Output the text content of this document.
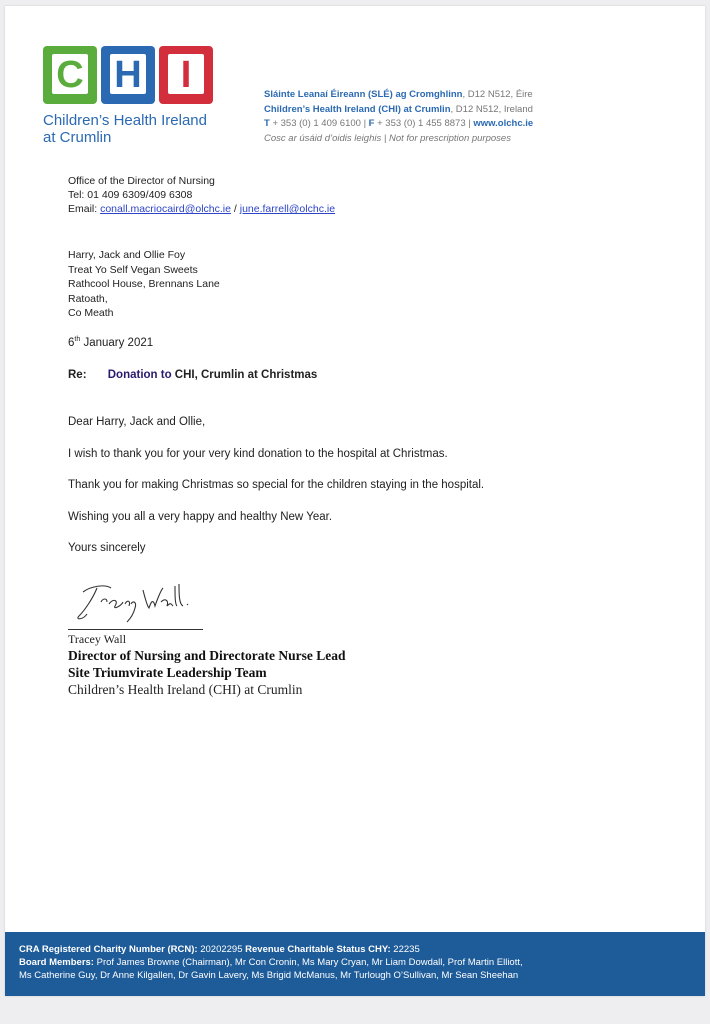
C H	I
Children’s Health Ireland
at Crumlin
Sláinte Leanaí Éireann (SLÉ) ag Cromghlinn, D12 N512, Éire
Children’s Health Ireland (CHI) at Crumlin, D12 N512, Ireland
T + 353 (0) 1 409 6100 | F + 353 (0) 1 455 8873 | www.olchc.ie
Cosc ar úsáid d’oidis leighis | Not for prescription purposes
Office of the Director of Nursing
Tel: 01 409 6309/409 6308
Email: conall.macriocaird@olchc.ie / june.farrell@olchc.ie
Harry, Jack and Ollie Foy
Treat Yo Self Vegan Sweets
Rathcool House, Brennans Lane
Ratoath,
Co Meath
6th January 2021
Re: Donation to CHI, Crumlin at Christmas
Dear Harry, Jack and Ollie,
I wish to thank you for your very kind donation to the hospital at Christmas.
Thank you for making Christmas so special for the children staying in the hospital.
Wishing you all a very happy and healthy New Year.
Yours sincerely
Tracey Wall
Director of Nursing and Directorate Nurse Lead
Site Triumvirate Leadership Team
Children’s Health Ireland (CHI) at Crumlin
CRA Registered Charity Number (RCN): 20202295 Revenue Charitable Status CHY: 22235
Board Members: Prof James Browne (Chairman), Mr Con Cronin, Ms Mary Cryan, Mr Liam Dowdall, Prof Martin Elliott,
Ms Catherine Guy, Dr Anne Kilgallen, Dr Gavin Lavery, Ms Brigid McManus, Mr Turlough O’Sullivan, Mr Sean Sheehan
